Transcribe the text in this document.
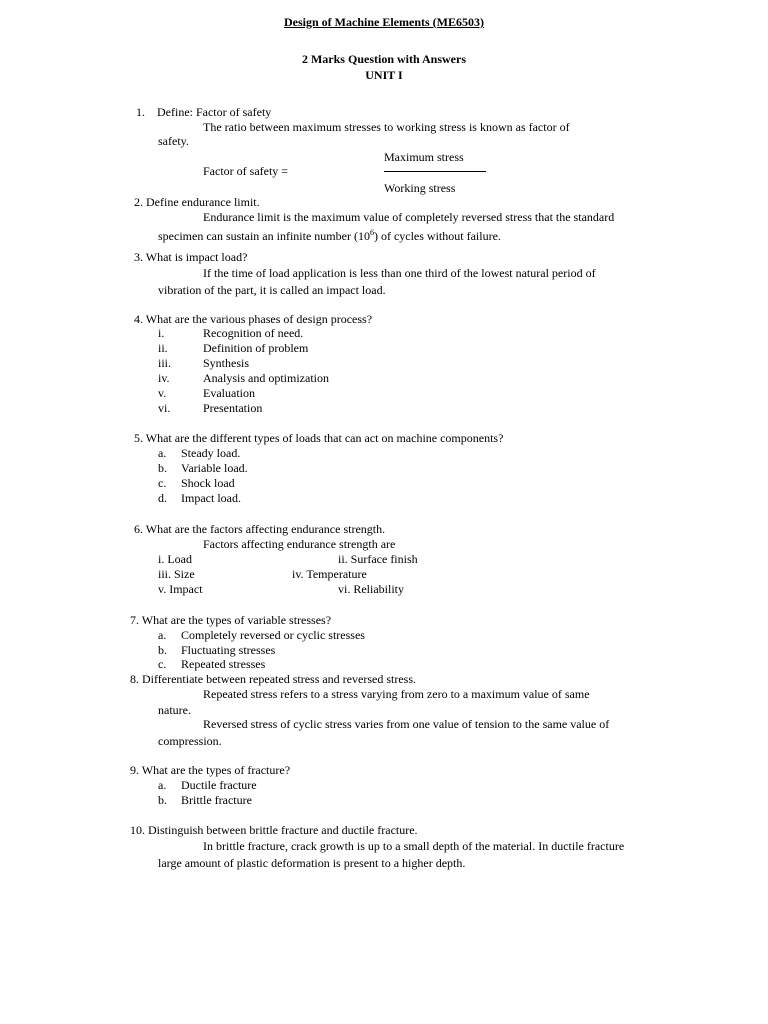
Design of Machine Elements (ME6503)
2 Marks Question with Answers
UNIT I
1. Define: Factor of safety
The ratio between maximum stresses to working stress is known as factor of
safety.
Maximum stress
Factor of safety =
Working stress
2. Define endurance limit.
Endurance limit is the maximum value of completely reversed stress that the standard
specimen can sustain an infinite number $(10^6)$ of cycles without failure.
3. What is impact load?
If the time of load application is less than one third of the lowest natural period of
vibration of the part, it is called an impact load.
4. What are the various phases of design process?
i.	Recognition of need.
ii.	Definition of problem
iii.	Synthesis
iv.	Analysis and optimization
v.	Evaluation
vi.	Presentation
5. What are the different types of loads that can act on machine components?
a. Steady load.
b. Variable load.
c. Shock load
d. Impact load.
6. What are the factors affecting endurance strength.
Factors affecting endurance strength are
i. Load	ii. Surface finish
iii. Size	iv. Temperature
v. Impact	vi. Reliability
7. What are the types of variable stresses?
a. Completely reversed or cyclic stresses
b. Fluctuating stresses
c. Repeated stresses
8. Differentiate between repeated stress and reversed stress.
Repeated stress refers to a stress varying from zero to a maximum value of same
nature.
Reversed stress of cyclic stress varies from one value of tension to the same value of
compression.
9. What are the types of fracture?
a. Ductile fracture
b. Brittle fracture
10. Distinguish between brittle fracture and ductile fracture.
In brittle fracture, crack growth is up to a small depth of the material. In ductile fracture
large amount of plastic deformation is present to a higher depth.
